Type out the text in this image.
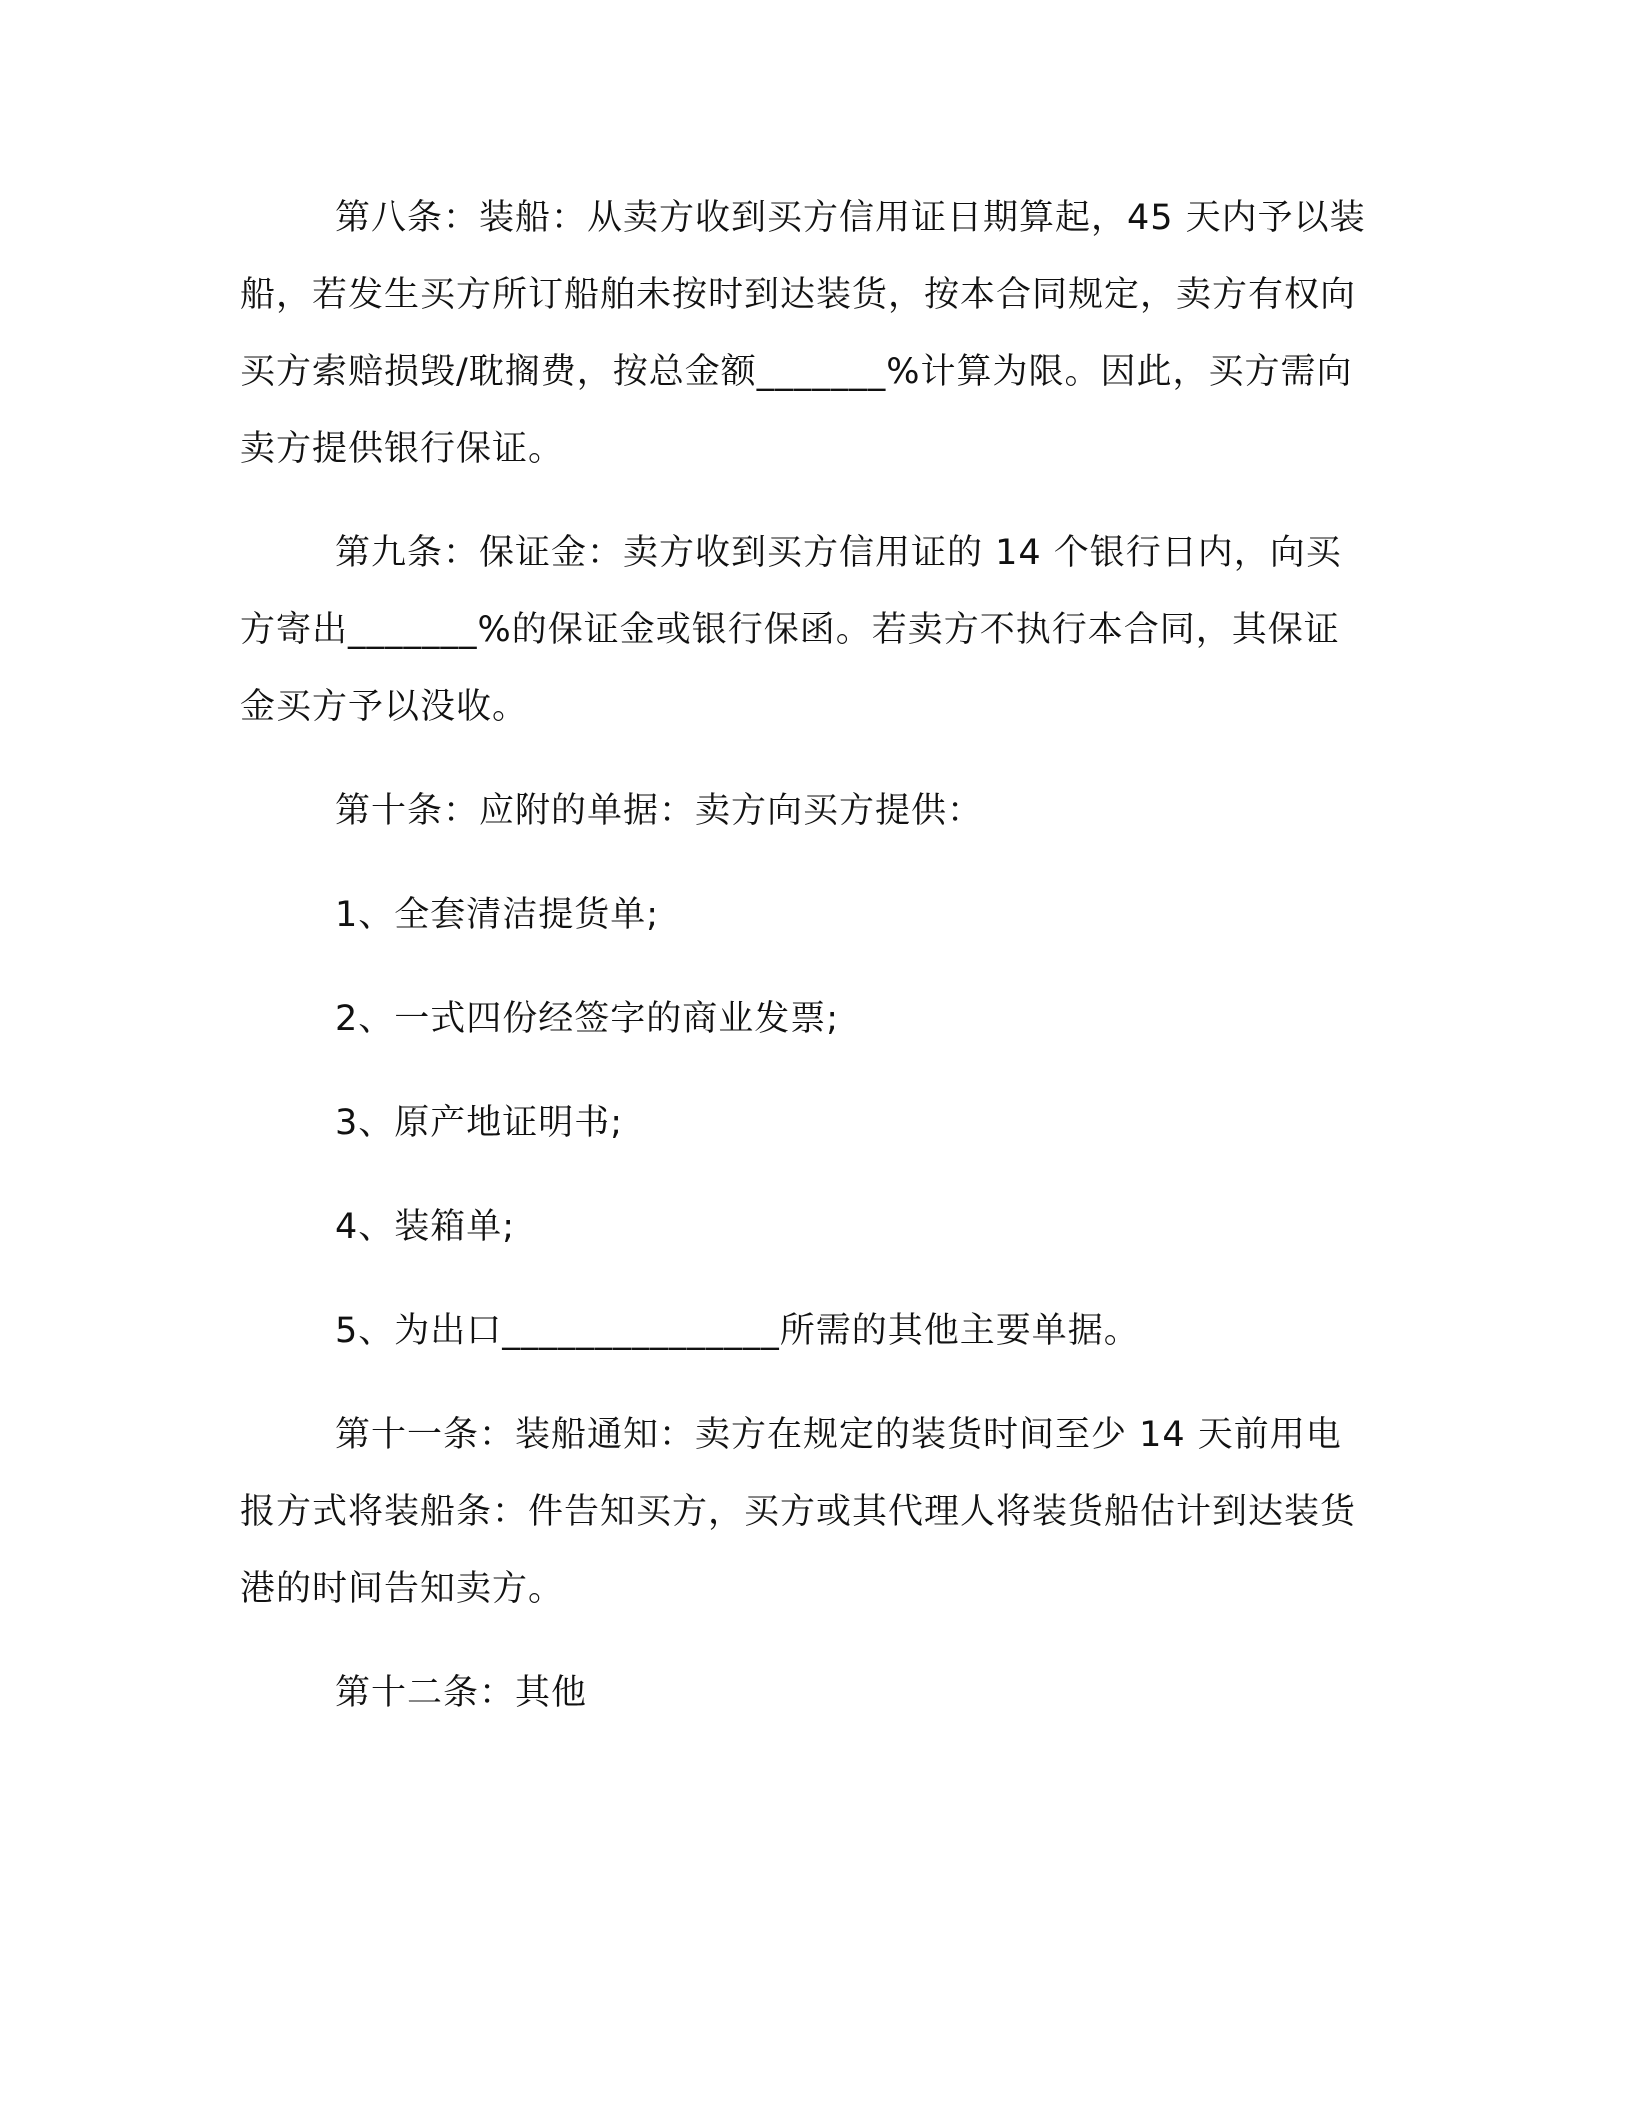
第八条：装船：从卖方收到买方信用证日期算起，45 天内予以装船，若发生买方所订船舶未按时到达装货，按本合同规定，卖方有权向买方索赔损毁/耽搁费，按总金额_______%计算为限。因此，买方需向卖方提供银行保证。

第九条：保证金：卖方收到买方信用证的 14 个银行日内，向买方寄出_______%的保证金或银行保函。若卖方不执行本合同，其保证金买方予以没收。

第十条：应附的单据：卖方向买方提供：

1、全套清洁提货单;

2、一式四份经签字的商业发票;

3、原产地证明书;

4、装箱单;

5、为出口_______________所需的其他主要单据。

第十一条：装船通知：卖方在规定的装货时间至少 14 天前用电报方式将装船条：件告知买方，买方或其代理人将装货船估计到达装货港的时间告知卖方。

第十二条：其他
